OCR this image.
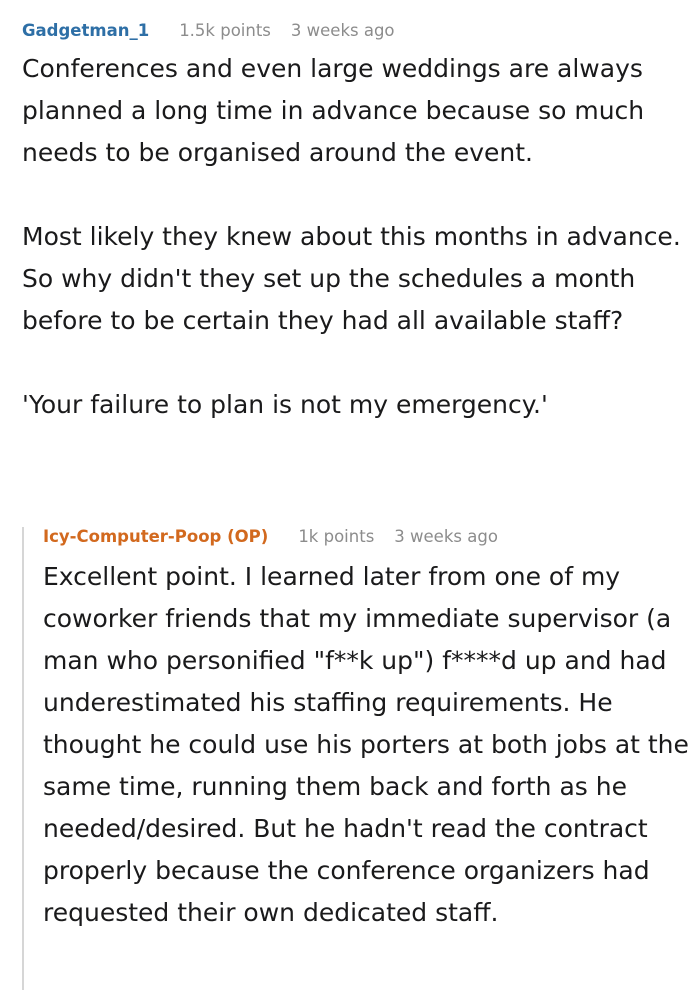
Gadgetman_1 1.5k points 3 weeks ago

Conferences and even large weddings are always planned a long time in advance because so much needs to be organised around the event.

Most likely they knew about this months in advance. So why didn't they set up the schedules a month before to be certain they had all available staff?

'Your failure to plan is not my emergency.'

Icy-Computer-Poop (OP) 1k points 3 weeks ago

Excellent point. I learned later from one of my coworker friends that my immediate supervisor (a man who personified "f**k up") f****d up and had underestimated his staffing requirements. He thought he could use his porters at both jobs at the same time, running them back and forth as he needed/desired. But he hadn't read the contract properly because the conference organizers had requested their own dedicated staff.
